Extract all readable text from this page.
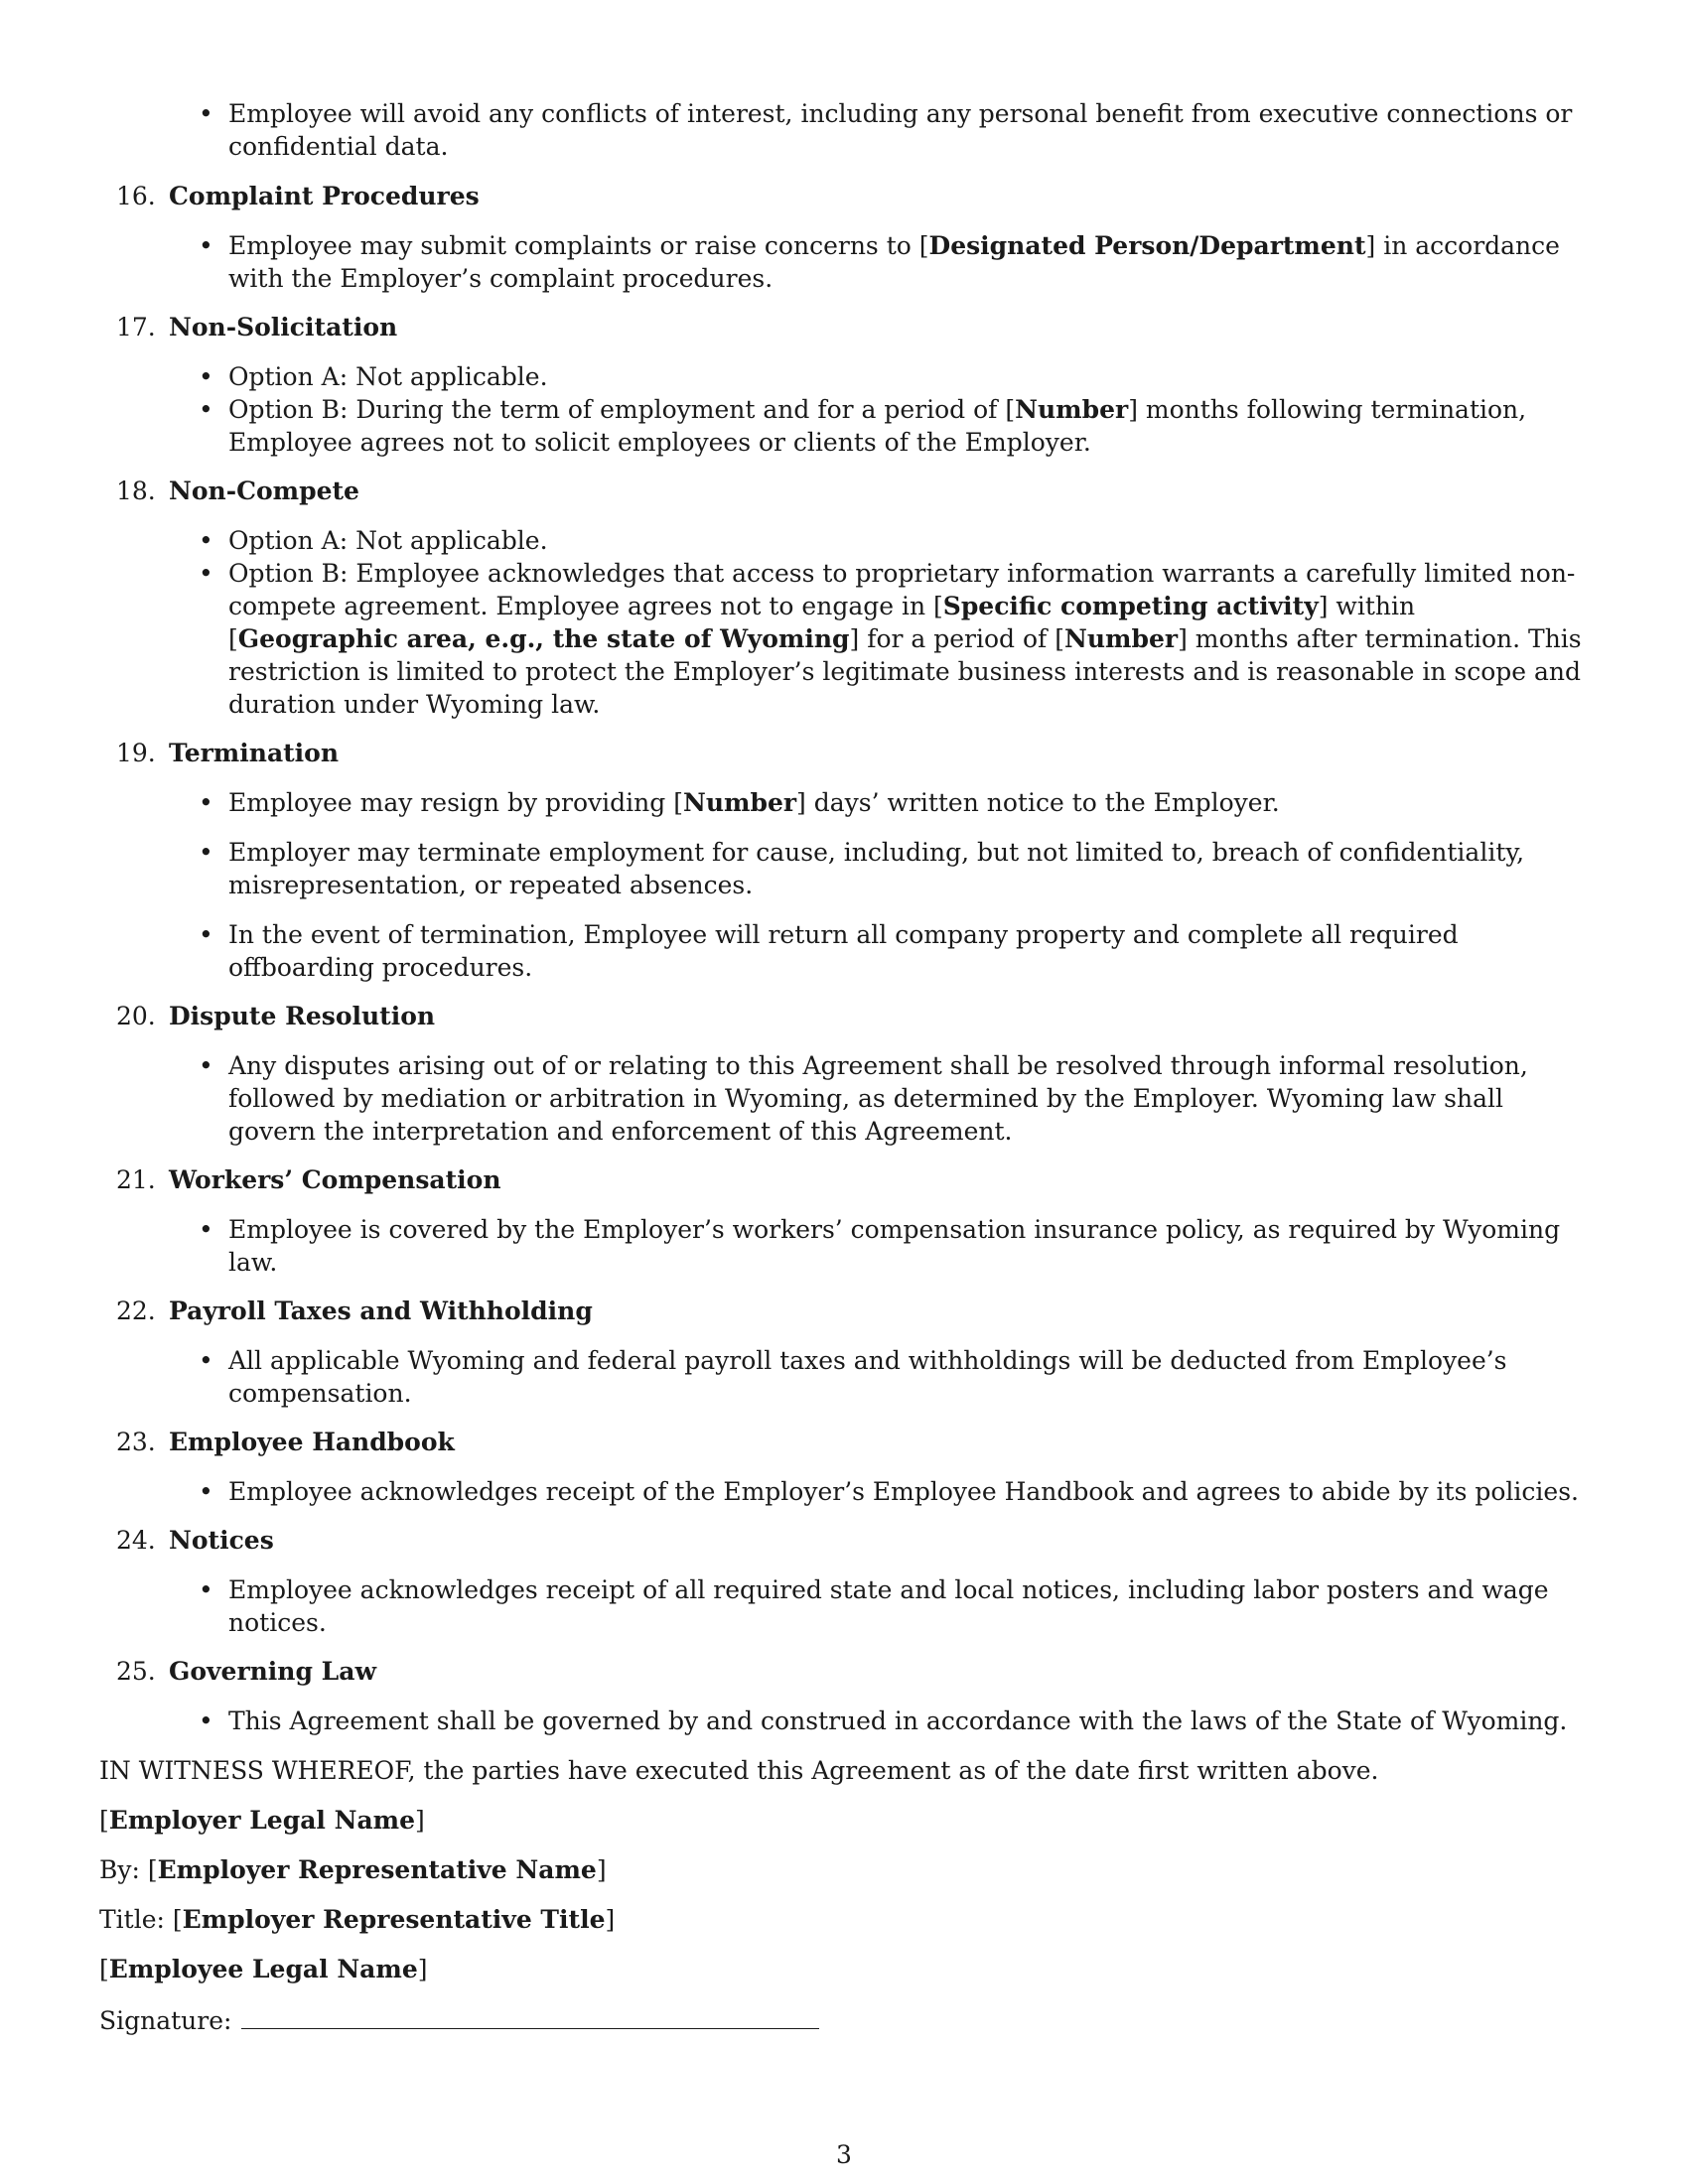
• Employee will avoid any conflicts of interest, including any personal benefit from executive connections or confidential data.
16. Complaint Procedures
• Employee may submit complaints or raise concerns to [Designated Person/Department] in accordance with the Employer’s complaint procedures.
17. Non-Solicitation
• Option A: Not applicable.
• Option B: During the term of employment and for a period of [Number] months following termination, Employee agrees not to solicit employees or clients of the Employer.
18. Non-Compete
• Option A: Not applicable.
• Option B: Employee acknowledges that access to proprietary information warrants a carefully limited non-compete agreement. Employee agrees not to engage in [Specific competing activity] within [Geographic area, e.g., the state of Wyoming] for a period of [Number] months after termination. This restriction is limited to protect the Employer’s legitimate business interests and is reasonable in scope and duration under Wyoming law.
19. Termination
• Employee may resign by providing [Number] days’ written notice to the Employer.
• Employer may terminate employment for cause, including, but not limited to, breach of confidentiality, misrepresentation, or repeated absences.
• In the event of termination, Employee will return all company property and complete all required offboarding procedures.
20. Dispute Resolution
• Any disputes arising out of or relating to this Agreement shall be resolved through informal resolution, followed by mediation or arbitration in Wyoming, as determined by the Employer. Wyoming law shall govern the interpretation and enforcement of this Agreement.
21. Workers’ Compensation
• Employee is covered by the Employer’s workers’ compensation insurance policy, as required by Wyoming law.
22. Payroll Taxes and Withholding
• All applicable Wyoming and federal payroll taxes and withholdings will be deducted from Employee’s compensation.
23. Employee Handbook
• Employee acknowledges receipt of the Employer’s Employee Handbook and agrees to abide by its policies.
24. Notices
• Employee acknowledges receipt of all required state and local notices, including labor posters and wage notices.
25. Governing Law
• This Agreement shall be governed by and construed in accordance with the laws of the State of Wyoming.

IN WITNESS WHEREOF, the parties have executed this Agreement as of the date first written above.

[Employer Legal Name]

By: [Employer Representative Name]

Title: [Employer Representative Title]

[Employee Legal Name]

Signature:

3
